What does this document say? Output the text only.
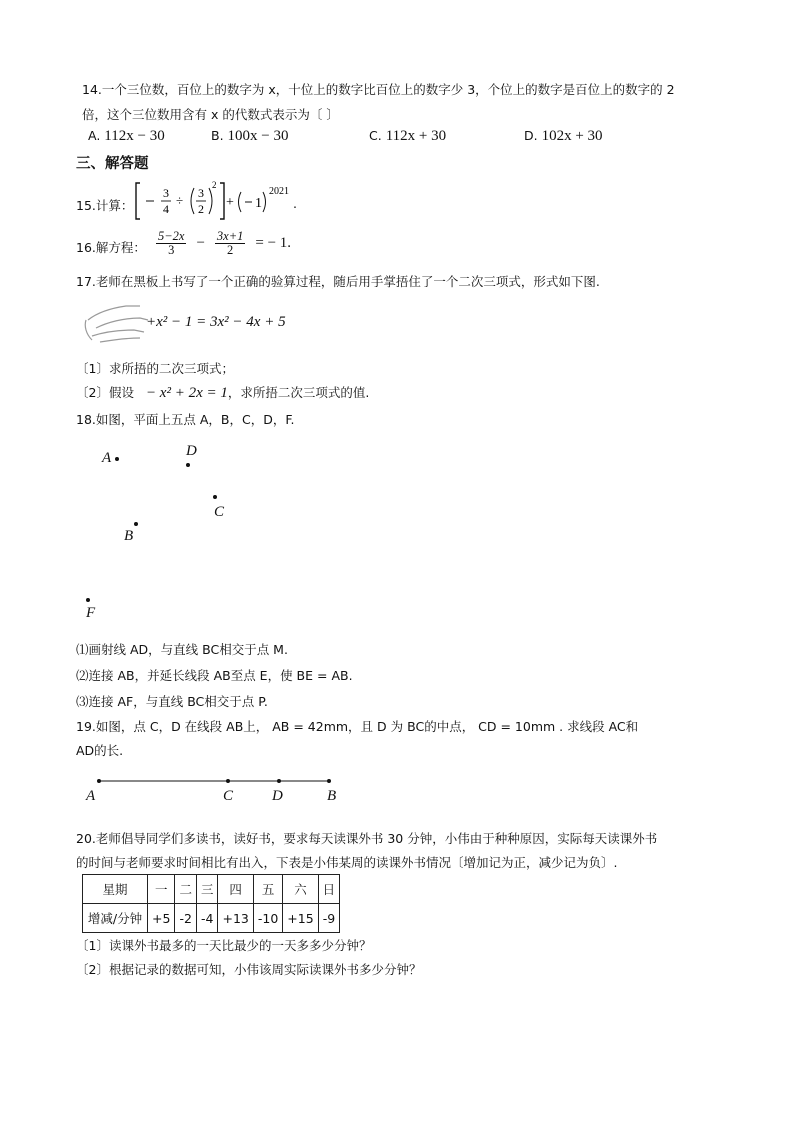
14.一个三位数，百位上的数字为 x，十位上的数字比百位上的数字少 3，个位上的数字是百位上的数字的 2
倍，这个三位数用含有 x 的代数式表示为〔 〕
A. 112x − 30	B. 100x − 30	C. 112x + 30	D. 102x + 30
三、解答题
15.计算：
3
4
÷ 3
2
2
+ 1
2021
.
16.解方程： $\frac{5-2x}{3} - \frac{3x+1}{2}$ = − 1.
17.老师在黑板上书写了一个正确的验算过程，随后用手掌捂住了一个二次三项式，形式如下图.
+x² − 1 = 3x² − 4x + 5
〔1〕求所捂的二次三项式；
〔2〕假设 − x² + 2x = 1，求所捂二次三项式的值.
18.如图，平面上五点 A，B，C，D，F.
A	D
C
B
F
⑴画射线 AD，与直线 BC相交于点 M.
⑵连接 AB，并延长线段 AB至点 E，使 BE = AB.
⑶连接 AF，与直线 BC相交于点 P.
19.如图，点 C，D 在线段 AB上， AB = 42mm，且 D 为 BC的中点， CD = 10mm . 求线段 AC和
AD的长.
A	C	D	B
20.老师倡导同学们多读书，读好书，要求每天读课外书 30 分钟，小伟由于种种原因，实际每天读课外书
的时间与老师要求时间相比有出入，下表是小伟某周的读课外书情况〔增加记为正，减少记为负〕.
星期	一	二	三	四	五	六	日
增减/分钟	+5	-2	-4	+13	-10	+15	-9
〔1〕读课外书最多的一天比最少的一天多多少分钟？
〔2〕根据记录的数据可知，小伟该周实际读课外书多少分钟？
